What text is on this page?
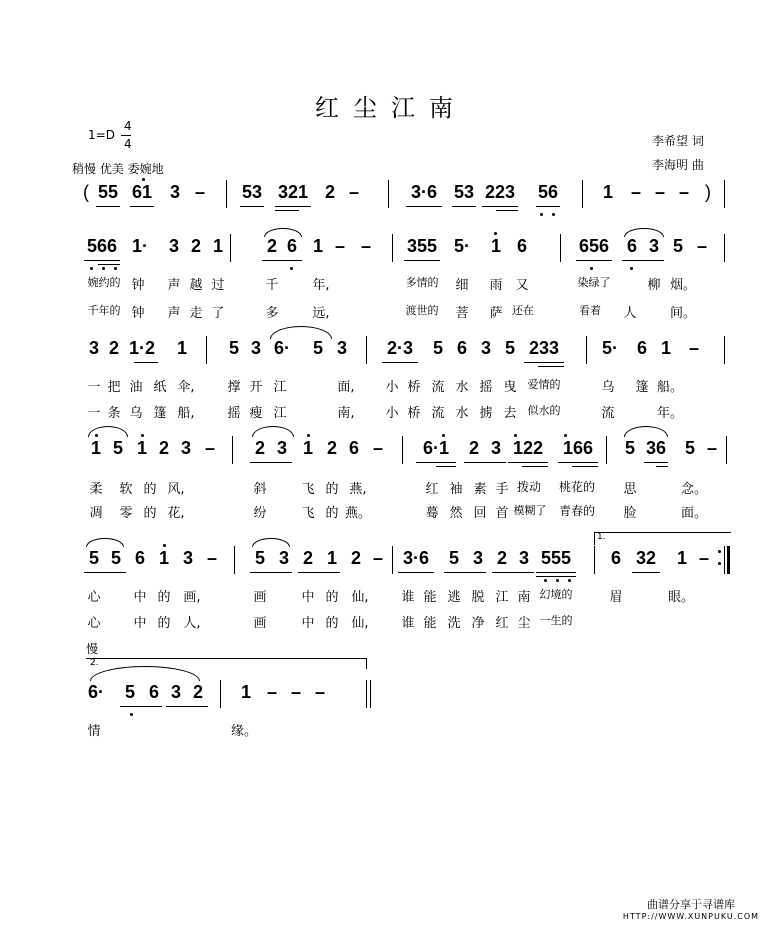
红尘江南
1=D
4
4
稍慢 优美 委婉地
李希望 词
李海明 曲
( 55 61 3 – 53 321 2 –	3·6 53 223 56 1 – – – )
566 1· 3 2 1 2 6 1 – – 355 5· 1 6	656 6 3 5 –
婉约的 钟 声 越 过	千	年,	多情的 细 雨 又	染绿了	柳 烟。
千年的 钟 声 走 了	多	远,	渡世的 菩 萨 还在	看着	人	间。
3 2 1·2	1 5 3 6· 5 3 2·3 5 6 3 5 233 5· 6 1 –
一 把 油 纸 伞,	撑 开 江	面,	小 桥 流 水 摇 曳	爱情的	乌 篷 船。
一 条 乌 篷 船,	摇 瘦 江	南,	小 桥 流 水 掳 去	似水的	流	年。
1 5 1 2 3 – 2 3 1 2 6 –	6·1	2 3 122 166 5 36 5 –
柔 软 的 风,	斜	飞 的 燕,	红 袖 素 手 拨动	桃花的	思	念。
凋 零 的 花,	纷	飞 的 燕。	蓦 然 回 首 模糊了	青春的	脸	面。
1.
5 5 6 1 3 – 5 3 2 1 2 – 3·6 5 3 2 3 555 6 32 1 –
心	中 的 画,	画	中 的 仙,	谁 能 逃 脱 江 南 幻境的	眉	眼。
心	中 的 人,	画	中 的 仙,	谁 能 洗 净 红 尘 一生的
慢
2.
6· 5 6 3 2 1 – – –
情	缘。
曲谱分享于寻谱库
HTTP://WWW.XUNPUKU.COM
